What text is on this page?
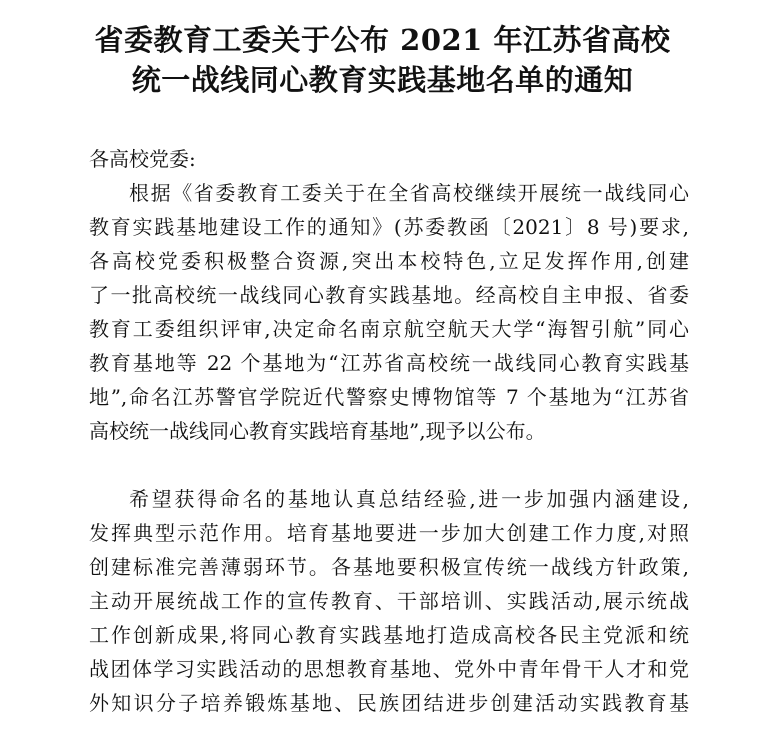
省委教育工委关于公布 2021 年江苏省高校
统一战线同心教育实践基地名单的通知
各高校党委:
根据《省委教育工委关于在全省高校继续开展统一战线同心
教育实践基地建设工作的通知》(苏委教函〔2021〕8 号)要求,
各高校党委积极整合资源,突出本校特色,立足发挥作用,创建
了一批高校统一战线同心教育实践基地。经高校自主申报、省委
教育工委组织评审,决定命名南京航空航天大学“海智引航”同心
教育基地等 22 个基地为“江苏省高校统一战线同心教育实践基
地”,命名江苏警官学院近代警察史博物馆等 7 个基地为“江苏省
高校统一战线同心教育实践培育基地”,现予以公布。
希望获得命名的基地认真总结经验,进一步加强内涵建设,
发挥典型示范作用。培育基地要进一步加大创建工作力度,对照
创建标准完善薄弱环节。各基地要积极宣传统一战线方针政策,
主动开展统战工作的宣传教育、干部培训、实践活动,展示统战
工作创新成果,将同心教育实践基地打造成高校各民主党派和统
战团体学习实践活动的思想教育基地、党外中青年骨干人才和党
外知识分子培养锻炼基地、民族团结进步创建活动实践教育基
